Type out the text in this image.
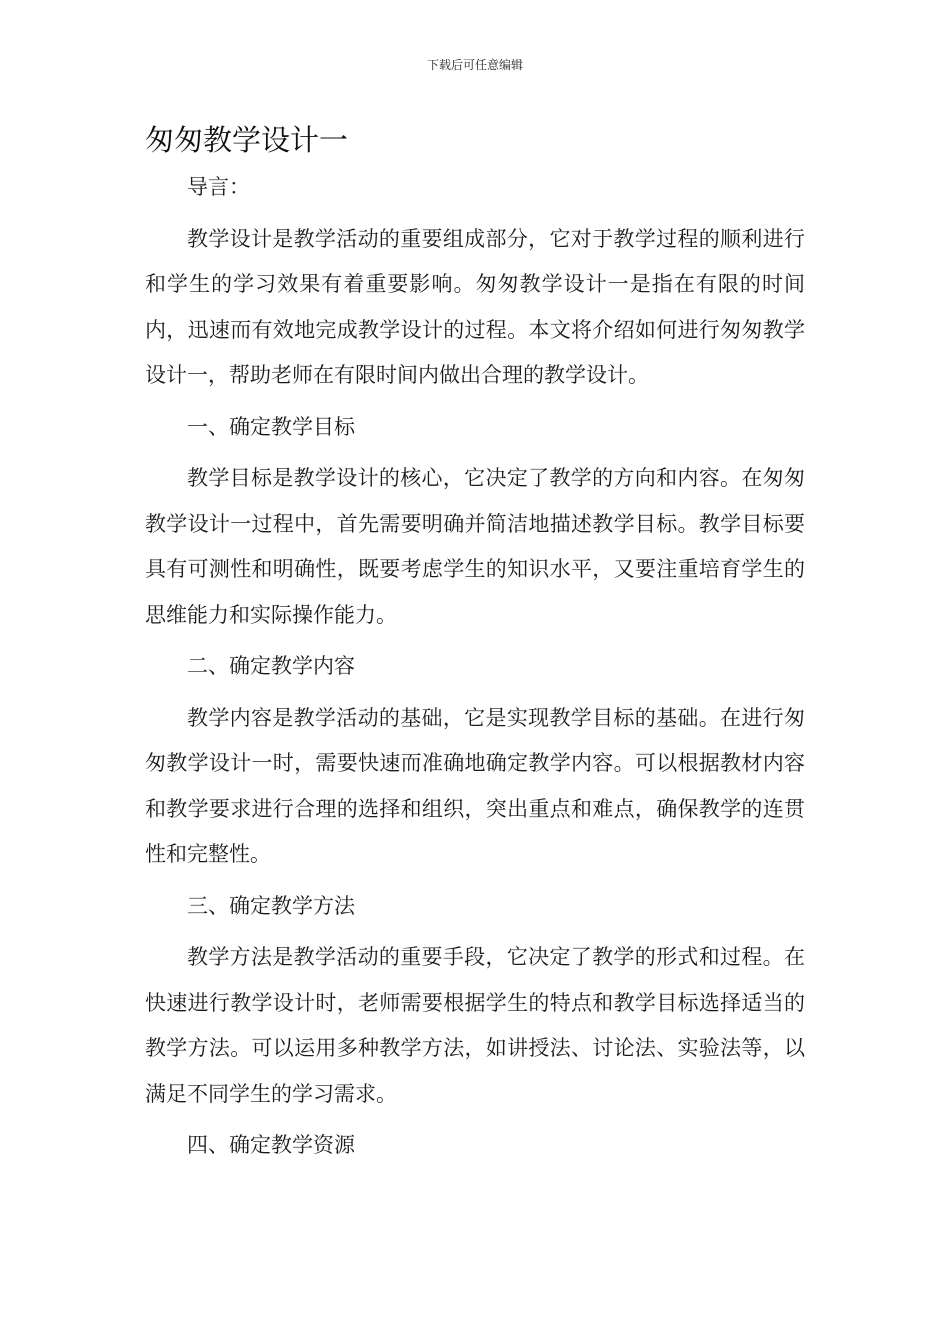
下载后可任意编辑
匆匆教学设计一

导言：

教学设计是教学活动的重要组成部分，它对于教学过程的顺利进行和学生的学习效果有着重要影响。匆匆教学设计一是指在有限的时间内，迅速而有效地完成教学设计的过程。本文将介绍如何进行匆匆教学设计一，帮助老师在有限时间内做出合理的教学设计。

一、确定教学目标

教学目标是教学设计的核心，它决定了教学的方向和内容。在匆匆教学设计一过程中，首先需要明确并简洁地描述教学目标。教学目标要具有可测性和明确性，既要考虑学生的知识水平，又要注重培育学生的思维能力和实际操作能力。

二、确定教学内容

教学内容是教学活动的基础，它是实现教学目标的基础。在进行匆匆教学设计一时，需要快速而准确地确定教学内容。可以根据教材内容和教学要求进行合理的选择和组织，突出重点和难点，确保教学的连贯性和完整性。

三、确定教学方法

教学方法是教学活动的重要手段，它决定了教学的形式和过程。在快速进行教学设计时，老师需要根据学生的特点和教学目标选择适当的教学方法。可以运用多种教学方法，如讲授法、讨论法、实验法等，以满足不同学生的学习需求。

四、确定教学资源
